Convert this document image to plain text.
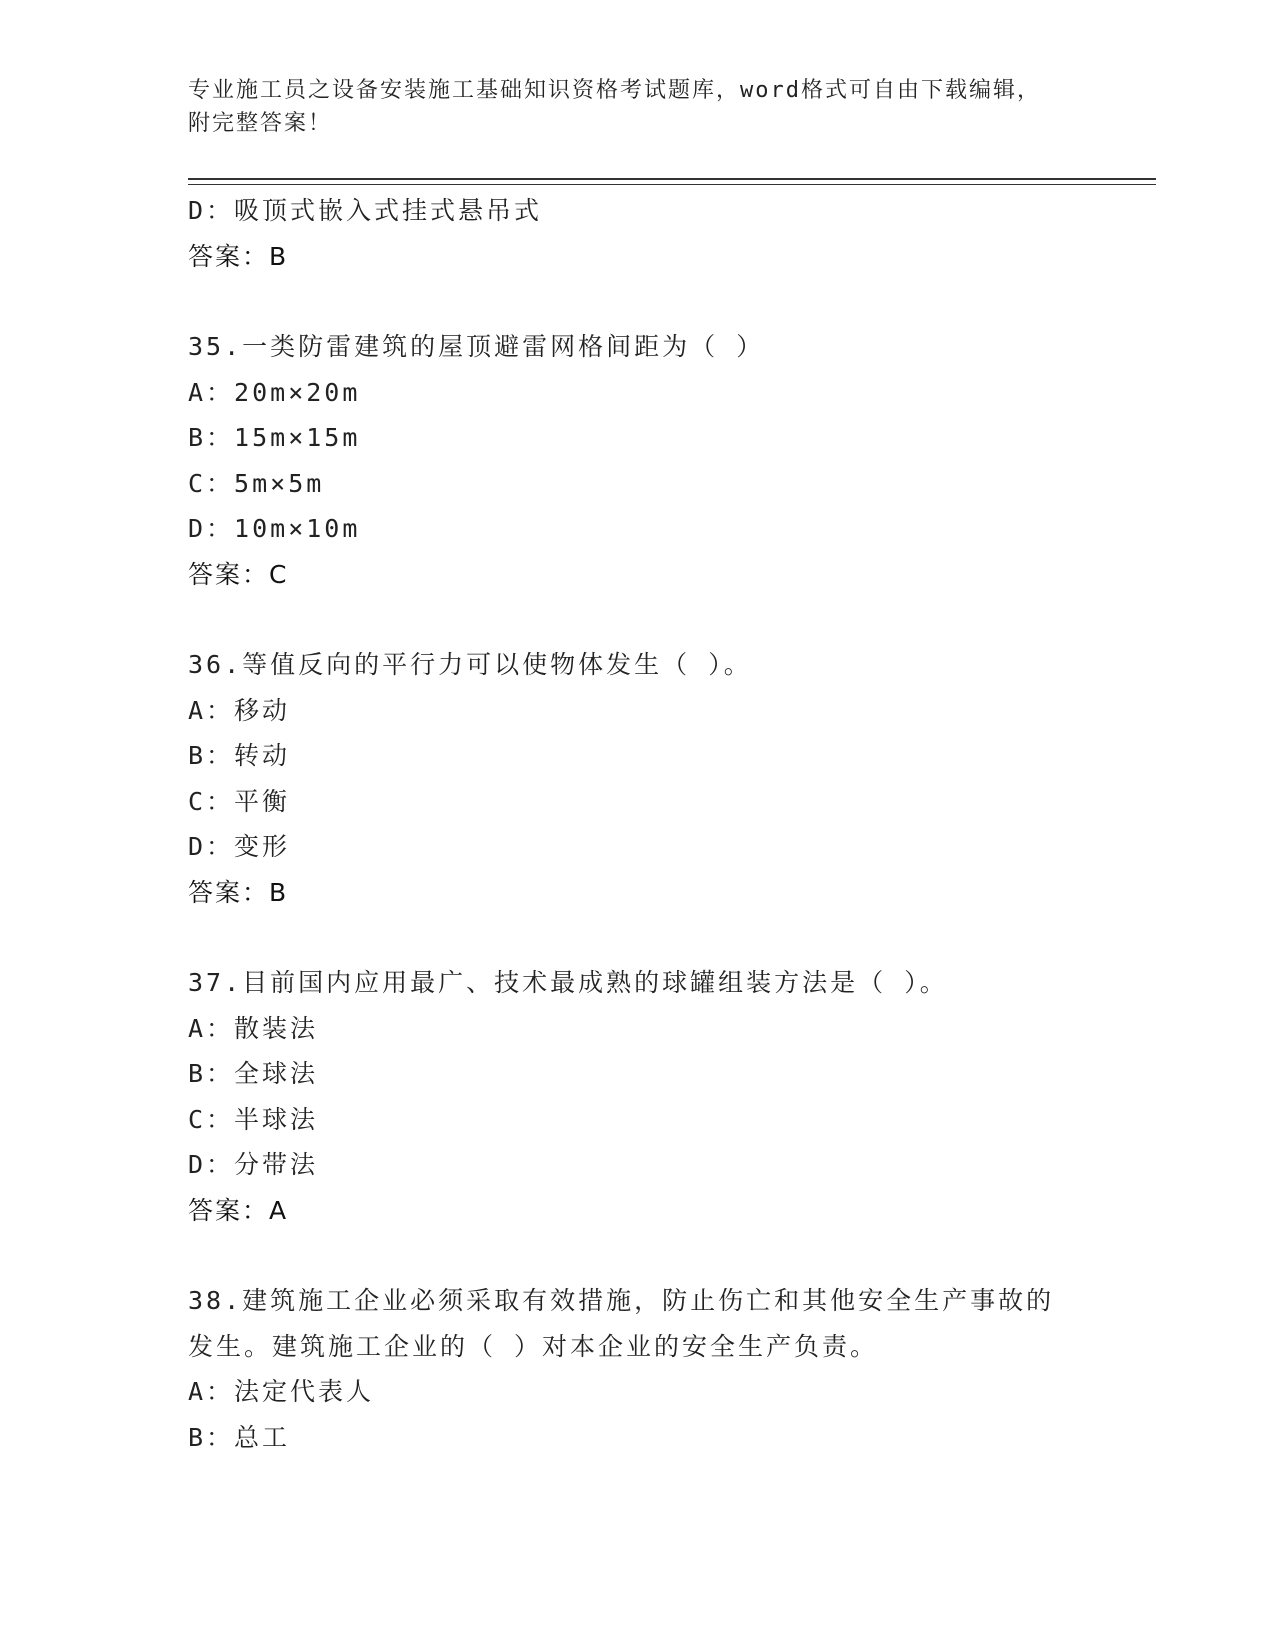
专业施工员之设备安装施工基础知识资格考试题库，word格式可自由下载编辑，
附完整答案！
D：吸顶式嵌入式挂式悬吊式
答案：B
35.一类防雷建筑的屋顶避雷网格间距为（ ）
A：20m×20m
B：15m×15m
C：5m×5m
D：10m×10m
答案：C
36.等值反向的平行力可以使物体发生（ ）。
A：移动
B：转动
C：平衡
D：变形
答案：B
37.目前国内应用最广、技术最成熟的球罐组装方法是（ ）。
A：散装法
B：全球法
C：半球法
D：分带法
答案：A
38.建筑施工企业必须采取有效措施，防止伤亡和其他安全生产事故的
发生。建筑施工企业的（ ）对本企业的安全生产负责。
A：法定代表人
B：总工
